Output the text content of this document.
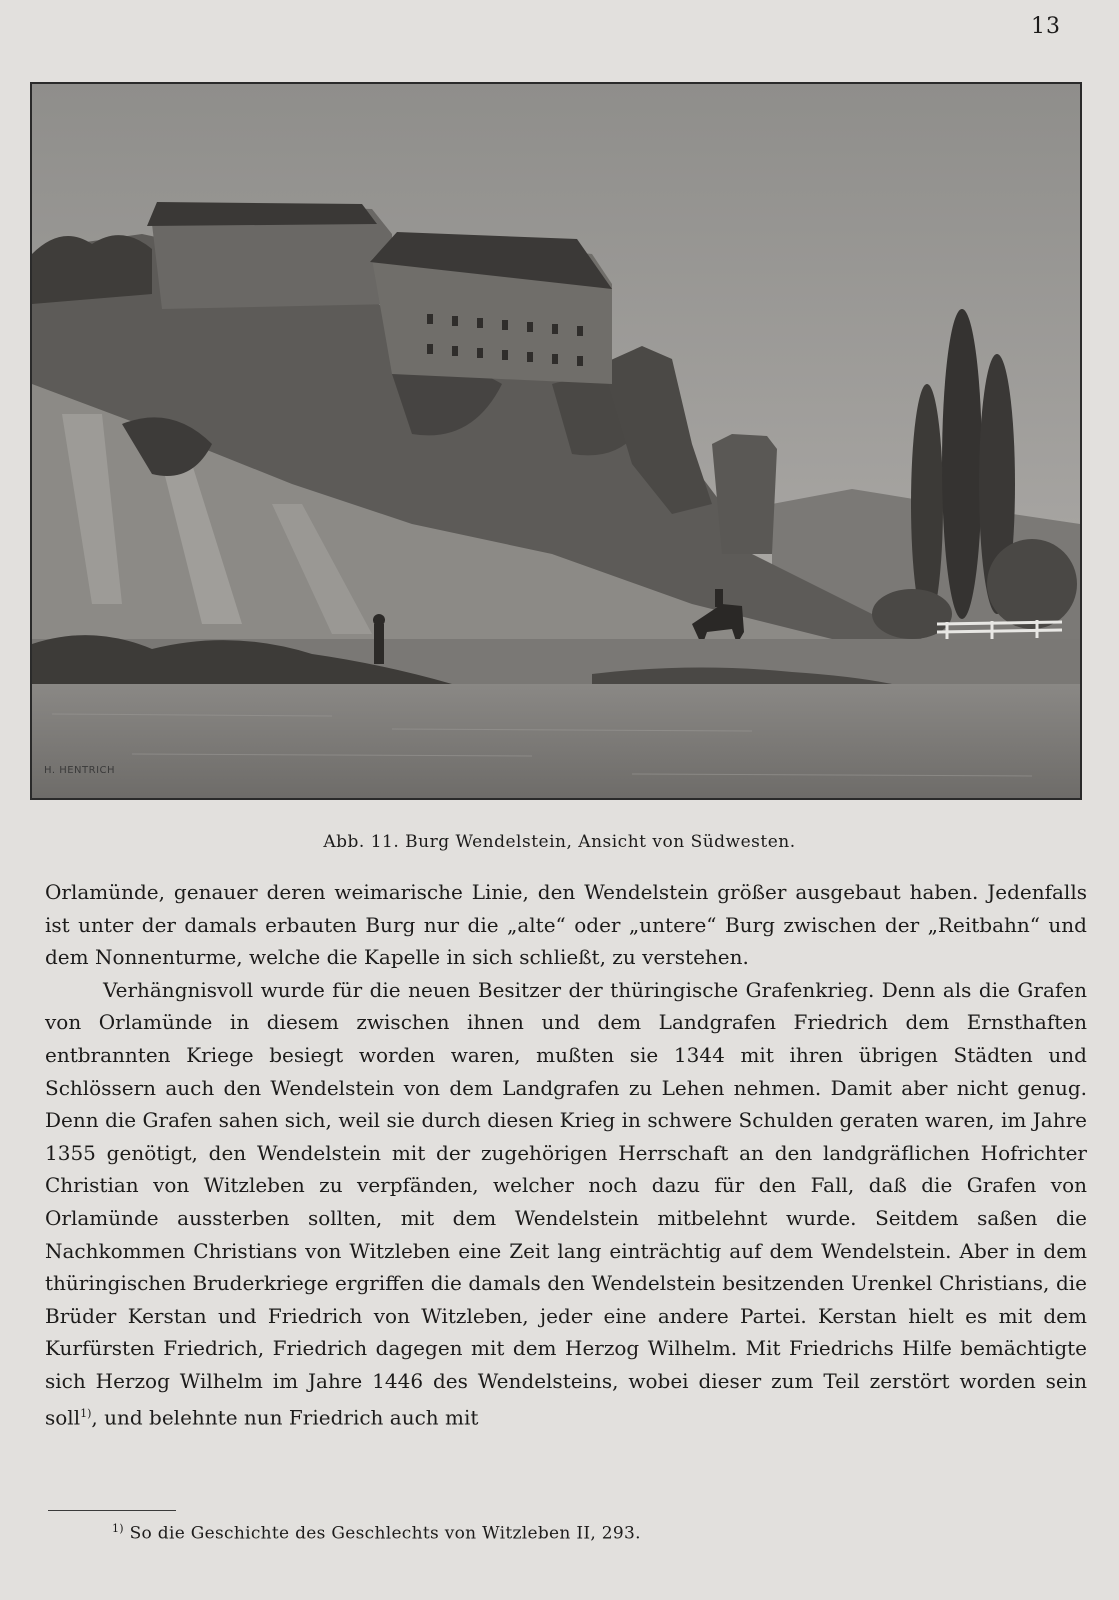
13
H. HENTRICH
Abb. 11. Burg Wendelstein, Ansicht von Südwesten.

Orlamünde, genauer deren weimarische Linie, den Wendelstein größer ausgebaut haben. Jedenfalls ist unter der damals erbauten Burg nur die „alte“ oder „untere“ Burg zwischen der „Reitbahn“ und dem Nonnenturme, welche die Kapelle in sich schließt, zu verstehen.

Verhängnisvoll wurde für die neuen Besitzer der thüringische Grafenkrieg. Denn als die Grafen von Orlamünde in diesem zwischen ihnen und dem Landgrafen Friedrich dem Ernsthaften entbrannten Kriege besiegt worden waren, mußten sie 1344 mit ihren übrigen Städten und Schlössern auch den Wendelstein von dem Landgrafen zu Lehen nehmen. Damit aber nicht genug. Denn die Grafen sahen sich, weil sie durch diesen Krieg in schwere Schulden geraten waren, im Jahre 1355 genötigt, den Wendelstein mit der zugehörigen Herrschaft an den landgräflichen Hofrichter Christian von Witzleben zu verpfänden, welcher noch dazu für den Fall, daß die Grafen von Orlamünde aussterben sollten, mit dem Wendelstein mitbelehnt wurde. Seitdem saßen die Nachkommen Christians von Witzleben eine Zeit lang einträchtig auf dem Wendelstein. Aber in dem thüringischen Bruderkriege ergriffen die damals den Wendelstein besitzenden Urenkel Christians, die Brüder Kerstan und Friedrich von Witzleben, jeder eine andere Partei. Kerstan hielt es mit dem Kurfürsten Friedrich, Friedrich dagegen mit dem Herzog Wilhelm. Mit Friedrichs Hilfe bemächtigte sich Herzog Wilhelm im Jahre 1446 des Wendelsteins, wobei dieser zum Teil zerstört worden sein soll$^{1)}$, und belehnte nun Friedrich auch mit

$^{1)}$ So die Geschichte des Geschlechts von Witzleben II, 293.
